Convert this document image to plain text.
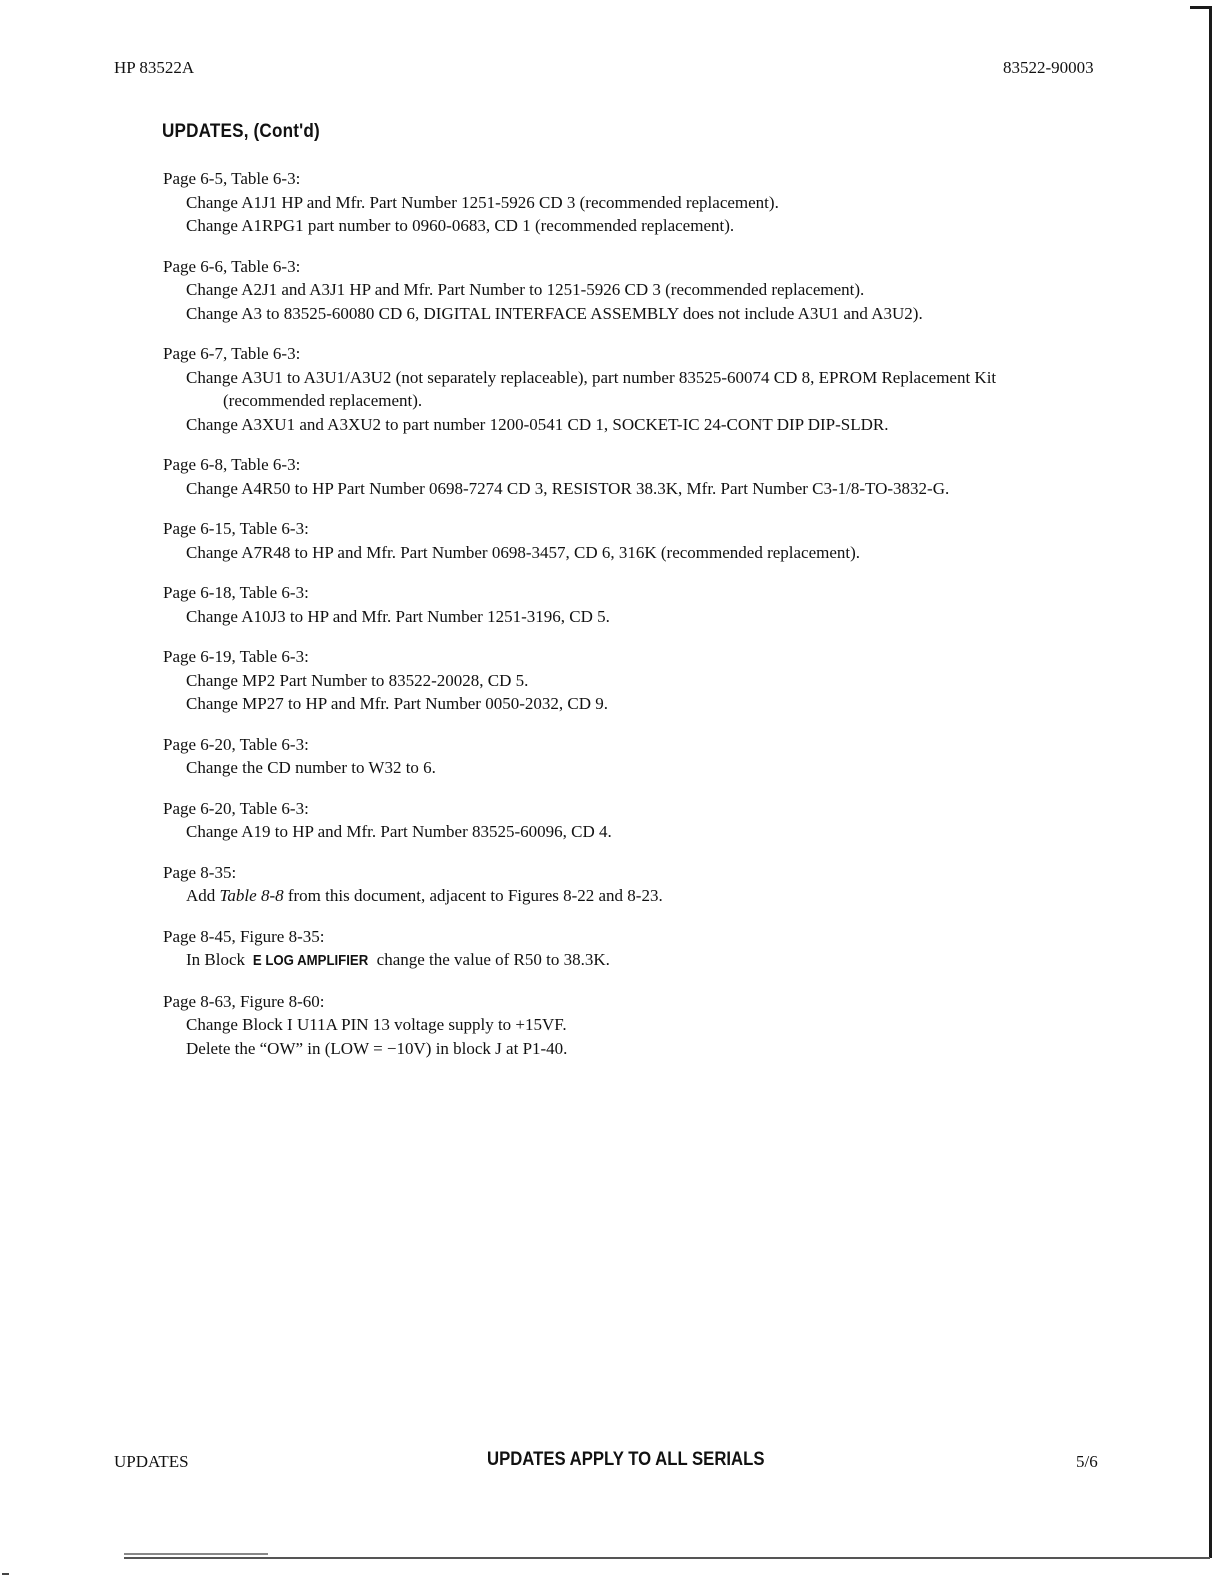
HP 83522A	83522-90003
UPDATES, (Cont'd)

Page 6-5, Table 6-3:

Change A1J1 HP and Mfr. Part Number 1251-5926 CD 3 (recommended replacement).

Change A1RPG1 part number to 0960-0683, CD 1 (recommended replacement).

Page 6-6, Table 6-3:

Change A2J1 and A3J1 HP and Mfr. Part Number to 1251-5926 CD 3 (recommended replacement).

Change A3 to 83525-60080 CD 6, DIGITAL INTERFACE ASSEMBLY does not include A3U1 and A3U2).

Page 6-7, Table 6-3:

Change A3U1 to A3U1/A3U2 (not separately replaceable), part number 83525-60074 CD 8, EPROM Replacement Kit (recommended replacement).

Change A3XU1 and A3XU2 to part number 1200-0541 CD 1, SOCKET-IC 24-CONT DIP DIP-SLDR.

Page 6-8, Table 6-3:

Change A4R50 to HP Part Number 0698-7274 CD 3, RESISTOR 38.3K, Mfr. Part Number C3-1/8-TO-3832-G.

Page 6-15, Table 6-3:

Change A7R48 to HP and Mfr. Part Number 0698-3457, CD 6, 316K (recommended replacement).

Page 6-18, Table 6-3:

Change A10J3 to HP and Mfr. Part Number 1251-3196, CD 5.

Page 6-19, Table 6-3:

Change MP2 Part Number to 83522-20028, CD 5.

Change MP27 to HP and Mfr. Part Number 0050-2032, CD 9.

Page 6-20, Table 6-3:

Change the CD number to W32 to 6.

Page 6-20, Table 6-3:

Change A19 to HP and Mfr. Part Number 83525-60096, CD 4.

Page 8-35:

Add Table 8-8 from this document, adjacent to Figures 8-22 and 8-23.

Page 8-45, Figure 8-35:

In Block E LOG AMPLIFIER change the value of R50 to 38.3K.

Page 8-63, Figure 8-60:

Change Block I U11A PIN 13 voltage supply to +15VF.

Delete the “OW” in (LOW = −10V) in block J at P1-40.

UPDATES	UPDATES APPLY TO ALL SERIALS	5/6
